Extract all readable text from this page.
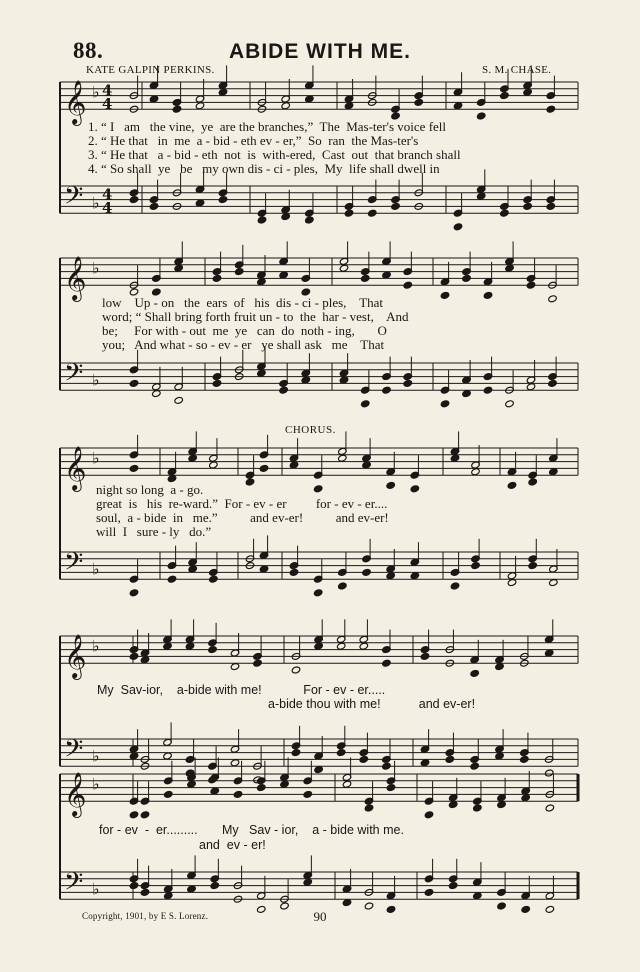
88.	ABIDE WITH ME.
KATE GALPIN PERKINS.	S. M. CHASE.
𝄞 ♭ 4
4
𝄢 ♭ 4
4
𝄞 ♭
𝄢 ♭
𝄞 ♭
𝄢 ♭
𝄞 ♭
𝄢 ♭
𝄞 ♭
𝄢 ♭
1. “ I   am   the vine,  ye  are the branches,”  The  Mas-ter's voice fell
2. “ He that   in  me  a - bid - eth ev - er,”  So  ran  the Mas-ter's
3. “ He that   a - bid - eth  not  is  with-ered,  Cast  out  that branch shall
4. “ So shall  ye   be   my own dis - ci - ples,  My  life shall dwell in
low    Up - on   the  ears  of   his  dis - ci - ples,    That
word; “ Shall bring forth fruit un - to  the  har - vest,    And
be;     For with - out  me  ye   can  do  noth - ing,       O
you;   And what - so - ev - er   ye shall ask   me    That
CHORUS.
night so long  a - go.
great  is   his  re-ward.”  For - ev - er         for - ev - er....
soul,  a - bide  in   me.”          and ev-er!          and ev-er!
will  I   sure - ly   do.”
My  Sav-ior,    a-bide with me!            For - ev - er.....
a-bide thou with me!           and ev-er!
for - ev  -  er.........       My   Sav - ior,    a - bide with me.
and  ev - er!
Copyright, 1901, by E S. Lorenz.	90
